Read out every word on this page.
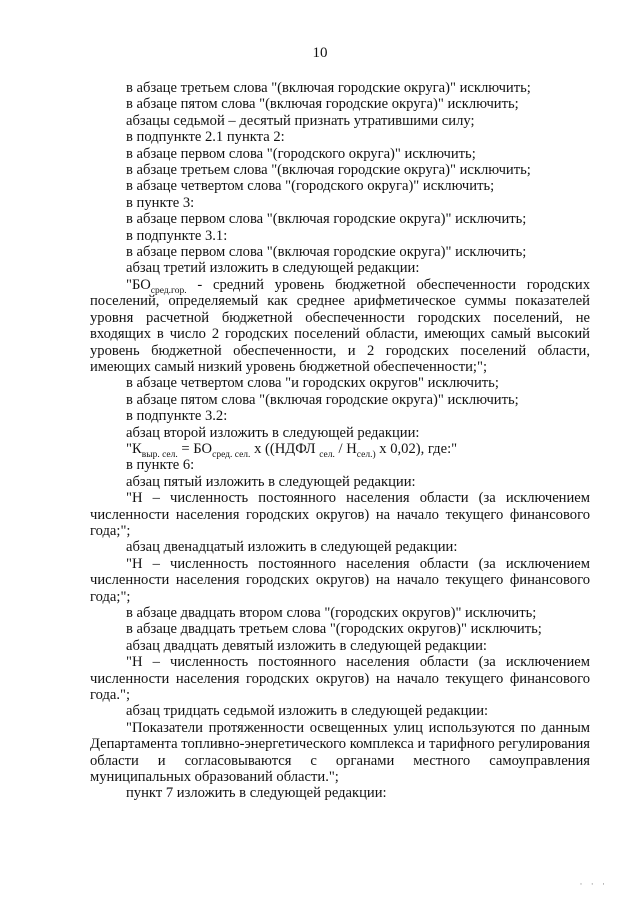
10

в абзаце третьем слова "(включая городские округа)" исключить;

в абзаце пятом слова "(включая городские округа)" исключить;

абзацы седьмой – десятый признать утратившими силу;

в подпункте 2.1 пункта 2:

в абзаце первом слова "(городского округа)" исключить;

в абзаце третьем слова "(включая городские округа)" исключить;

в абзаце четвертом слова "(городского округа)" исключить;

в пункте 3:

в абзаце первом слова "(включая городские округа)" исключить;

в подпункте 3.1:

в абзаце первом слова "(включая городские округа)" исключить;

абзац третий изложить в следующей редакции:

"$БО_{сред.гор.}$ - средний уровень бюджетной обеспеченности городских поселений, определяемый как среднее арифметическое суммы показателей уровня расчетной бюджетной обеспеченности городских поселений, не входящих в число 2 городских поселений области, имеющих самый высокий уровень бюджетной обеспеченности, и 2 городских поселений области, имеющих самый низкий уровень бюджетной обеспеченности;";

в абзаце четвертом слова "и городских округов" исключить;

в абзаце пятом слова "(включая городские округа)" исключить;

в подпункте 3.2:

абзац второй изложить в следующей редакции:

"$К_{выр. сел.} = БО_{сред. сел.}$ х ((НДФЛ $_{сел.} / Н_{сел.)}$ х 0,02), где:"

в пункте 6:

абзац пятый изложить в следующей редакции:

"Н – численность постоянного населения области (за исключением численности населения городских округов) на начало текущего финансового года;";

абзац двенадцатый изложить в следующей редакции:

"Н – численность постоянного населения области (за исключением численности населения городских округов) на начало текущего финансового года;";

в абзаце двадцать втором слова "(городских округов)" исключить;

в абзаце двадцать третьем слова "(городских округов)" исключить;

абзац двадцать девятый изложить в следующей редакции:

"Н – численность постоянного населения области (за исключением численности населения городских округов) на начало текущего финансового года.";

абзац тридцать седьмой изложить в следующей редакции:

"Показатели протяженности освещенных улиц используются по данным Департамента топливно-энергетического комплекса и тарифного регулирования области и согласовываются с органами местного самоуправления муниципальных образований области.";

пункт 7 изложить в следующей редакции:

· · ·
